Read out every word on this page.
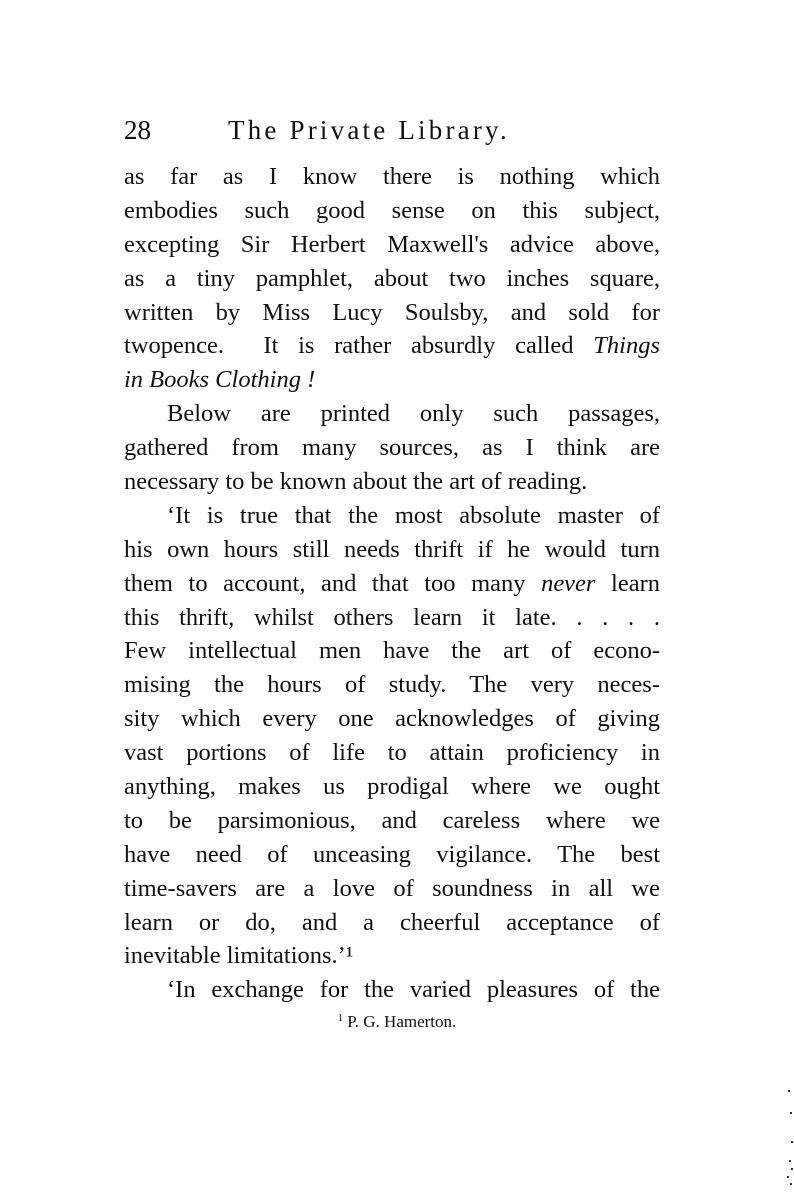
28	The Private Library.
as far as I know there is nothing which
embodies such good sense on this subject,
excepting Sir Herbert Maxwell's advice above,
as a tiny pamphlet, about two inches square,
written by Miss Lucy Soulsby, and sold for
twopence.  It is rather absurdly called Things
in Books Clothing !
Below are printed only such passages,
gathered from many sources, as I think are
necessary to be known about the art of reading.
‘It is true that the most absolute master of
his own hours still needs thrift if he would turn
them to account, and that too many never learn
this thrift, whilst others learn it late. . . . .
Few intellectual men have the art of econo-
mising the hours of study. The very neces-
sity which every one acknowledges of giving
vast portions of life to attain proficiency in
anything, makes us prodigal where we ought
to be parsimonious, and careless where we
have need of unceasing vigilance. The best
time-savers are a love of soundness in all we
learn or do, and a cheerful acceptance of
inevitable limitations.’¹
‘In exchange for the varied pleasures of the
$^1$ P. G. Hamerton.
